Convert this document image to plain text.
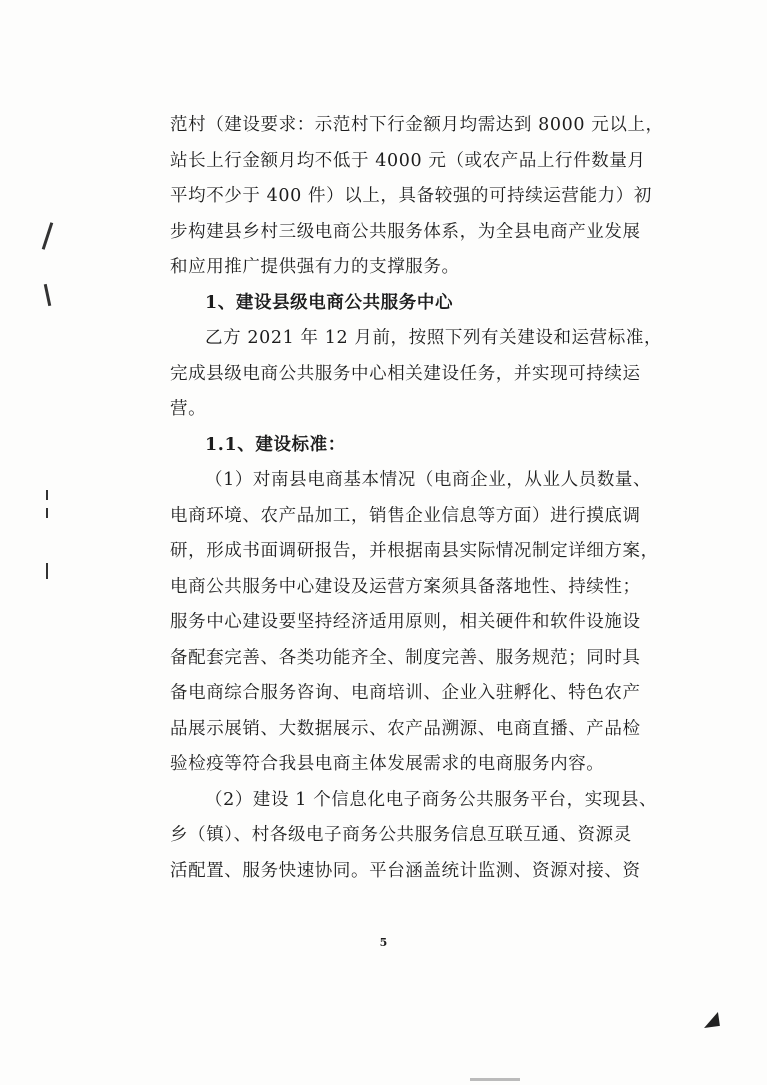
范村（建设要求：示范村下行金额月均需达到 8000 元以上，
站长上行金额月均不低于 4000 元（或农产品上行件数量月
平均不少于 400 件）以上，具备较强的可持续运营能力）初
步构建县乡村三级电商公共服务体系，为全县电商产业发展
和应用推广提供强有力的支撑服务。
1、建设县级电商公共服务中心
乙方 2021 年 12 月前，按照下列有关建设和运营标准，
完成县级电商公共服务中心相关建设任务，并实现可持续运
营。
1.1、建设标准：
（1）对南县电商基本情况（电商企业，从业人员数量、
电商环境、农产品加工，销售企业信息等方面）进行摸底调
研，形成书面调研报告，并根据南县实际情况制定详细方案，
电商公共服务中心建设及运营方案须具备落地性、持续性；
服务中心建设要坚持经济适用原则，相关硬件和软件设施设
备配套完善、各类功能齐全、制度完善、服务规范；同时具
备电商综合服务咨询、电商培训、企业入驻孵化、特色农产
品展示展销、大数据展示、农产品溯源、电商直播、产品检
验检疫等符合我县电商主体发展需求的电商服务内容。
（2）建设 1 个信息化电子商务公共服务平台，实现县、
乡（镇）、村各级电子商务公共服务信息互联互通、资源灵
活配置、服务快速协同。平台涵盖统计监测、资源对接、资
5
